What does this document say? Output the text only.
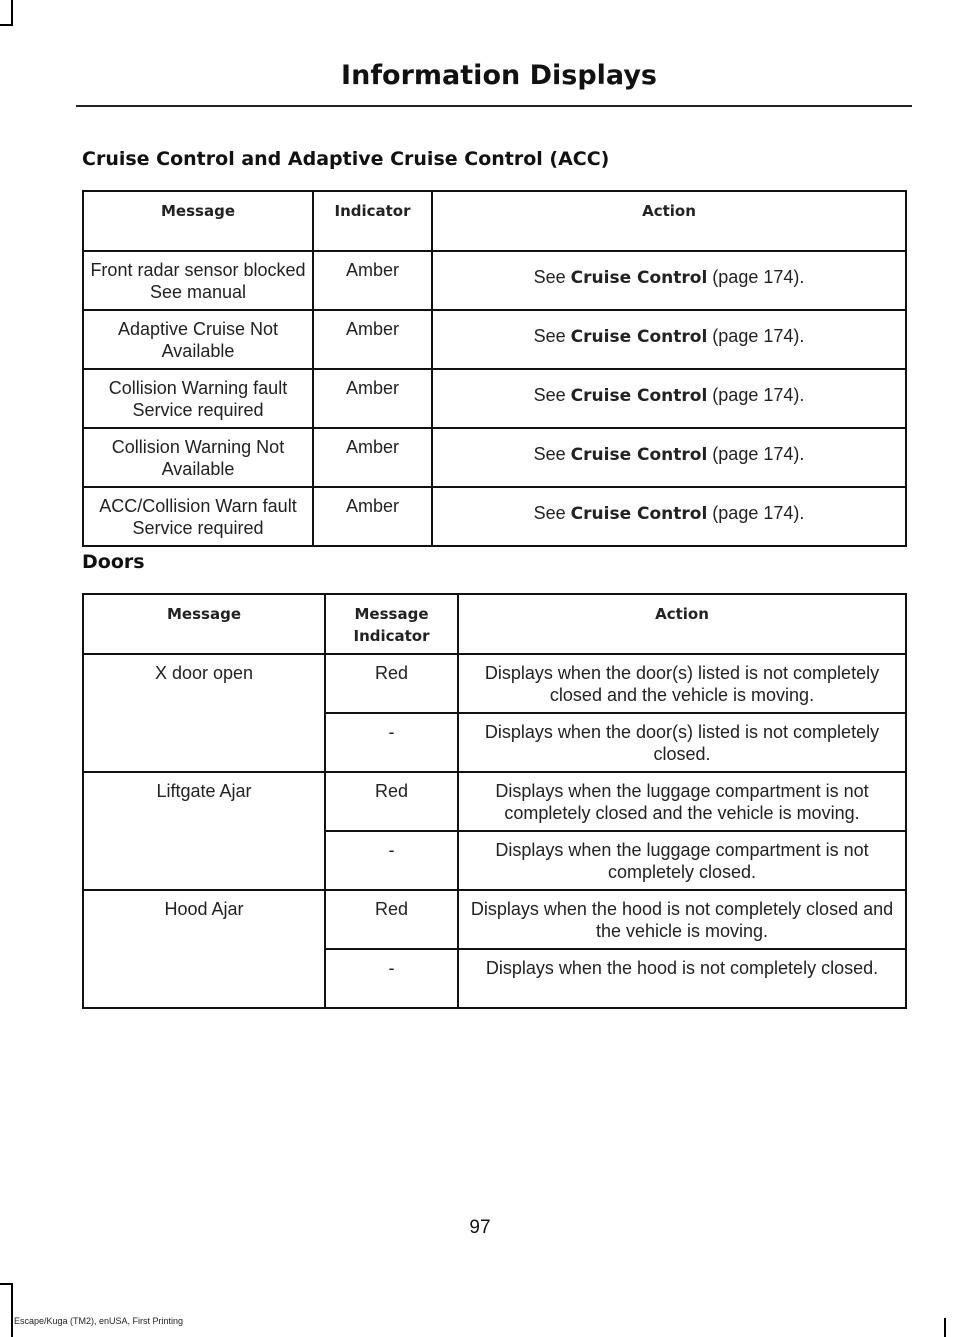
Information Displays
Cruise Control and Adaptive Cruise Control (ACC)
Message	Indicator	Action
Front radar sensor blocked See manual	Amber	See Cruise Control (page 174).
Adaptive Cruise Not Available	Amber	See Cruise Control (page 174).
Collision Warning fault Service required	Amber	See Cruise Control (page 174).
Collision Warning Not Available	Amber	See Cruise Control (page 174).
ACC/Collision Warn fault Service required	Amber	See Cruise Control (page 174).
Doors
Message	Message Indicator	Action
X door open	Red	Displays when the door(s) listed is not completely closed and the vehicle is moving.
	-	Displays when the door(s) listed is not completely closed.
Liftgate Ajar	Red	Displays when the luggage compartment is not completely closed and the vehicle is moving.
	-	Displays when the luggage compartment is not completely closed.
Hood Ajar	Red	Displays when the hood is not completely closed and the vehicle is moving.
	-	Displays when the hood is not completely closed.
97
Escape/Kuga (TM2), enUSA, First Printing
